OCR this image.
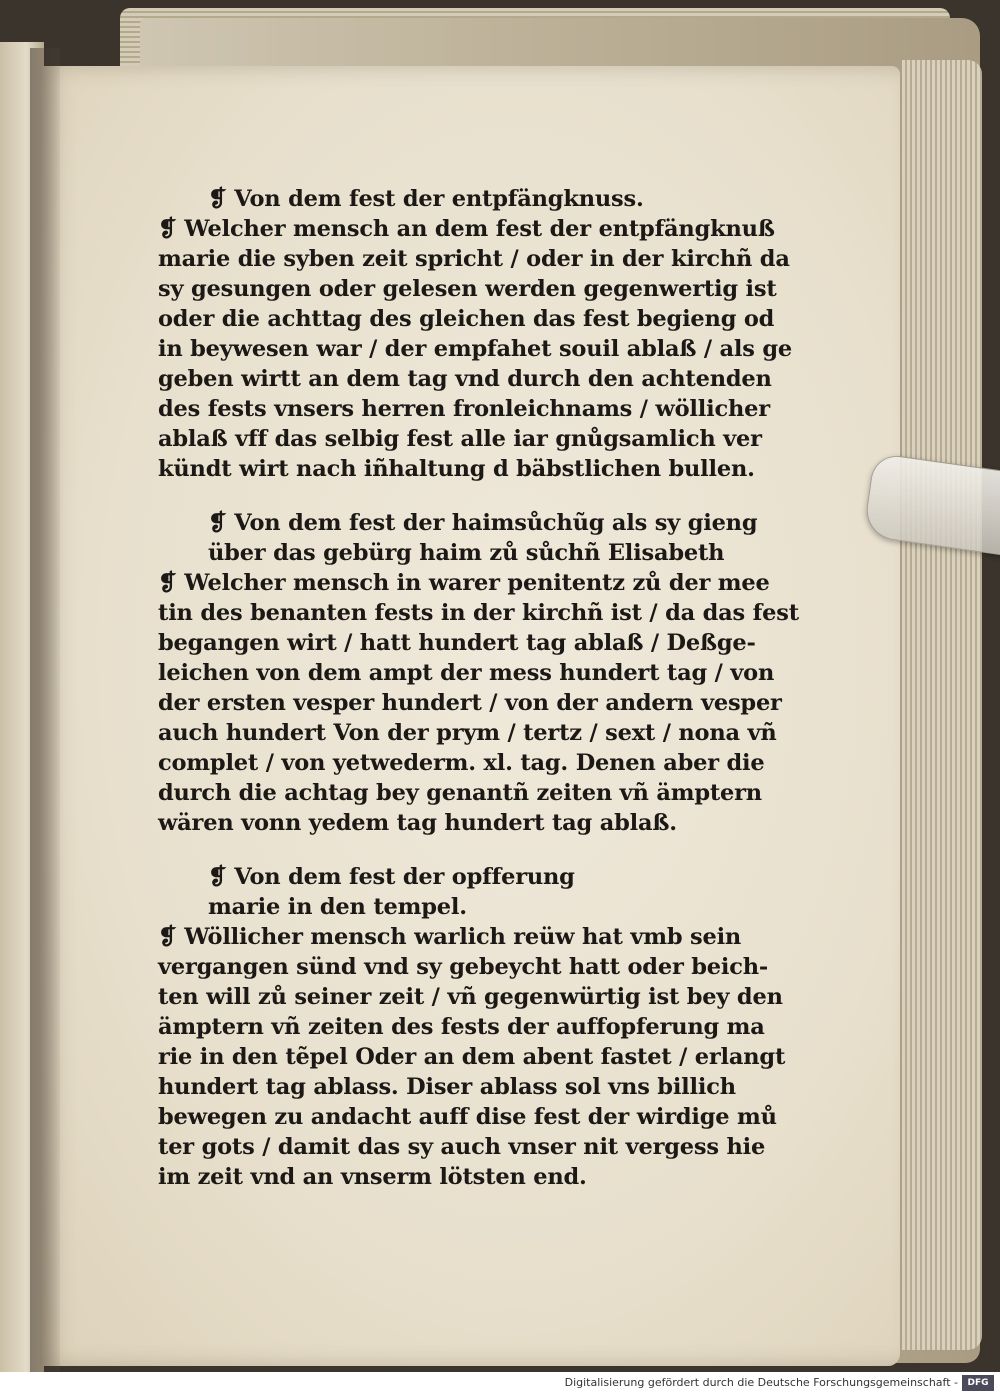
❡ Von dem fest der entpfängknuss.
❡ Welcher mensch an dem fest der entpfängknuß
marie die syben zeit spricht / oder in der kirchñ da
sy gesungen oder gelesen werden gegenwertig ist
oder die achttag des gleichen das fest begieng od
in beywesen war / der empfahet souil ablaß / als ge
geben wirtt an dem tag vnd durch den achtenden
des fests vnsers herren fronleichnams / wöllicher
ablaß vff das selbig fest alle iar gnůgsamlich ver
kündt wirt nach iñhaltung d bäbstlichen bullen.
❡ Von dem fest der haimsůchũg als sy gieng
über das gebürg haim zů sůchñ Elisabeth
❡ Welcher mensch in warer penitentz zů der mee
tin des benanten fests in der kirchñ ist / da das fest
begangen wirt / hatt hundert tag ablaß / Deßge-
leichen von dem ampt der mess hundert tag / von
der ersten vesper hundert / von der andern vesper
auch hundert Von der prym / tertz / sext / nona vñ
complet / von yetwederm. xl. tag. Denen aber die
durch die achtag bey genantñ zeiten vñ ämptern
wären vonn yedem tag hundert tag ablaß.
❡ Von dem fest der opfferung
marie in den tempel.
❡ Wöllicher mensch warlich reüw hat vmb sein
vergangen sünd vnd sy gebeycht hatt oder beich-
ten will zů seiner zeit / vñ gegenwürtig ist bey den
ämptern vñ zeiten des fests der auffopferung ma
rie in den tẽpel Oder an dem abent fastet / erlangt
hundert tag ablass. Diser ablass sol vns billich
bewegen zu andacht auff dise fest der wirdige mů
ter gots / damit das sy auch vnser nit vergess hie
im zeit vnd an vnserm lötsten end.
Digitalisierung gefördert durch die Deutsche Forschungsgemeinschaft -	DFG
